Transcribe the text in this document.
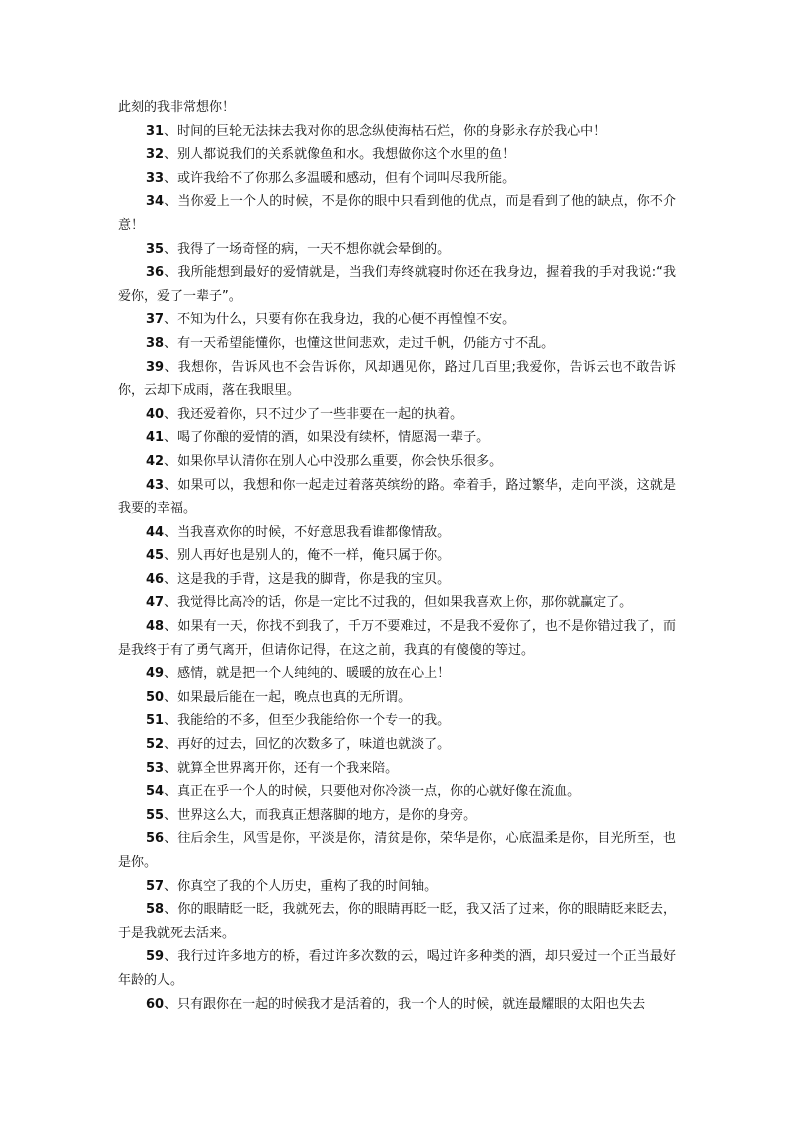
此刻的我非常想你！

31、时间的巨轮无法抹去我对你的思念纵使海枯石烂，你的身影永存於我心中！

32、别人都说我们的关系就像鱼和水。我想做你这个水里的鱼！

33、或许我给不了你那么多温暖和感动，但有个词叫尽我所能。

34、当你爱上一个人的时候，不是你的眼中只看到他的优点，而是看到了他的缺点，你不介意！

35、我得了一场奇怪的病，一天不想你就会晕倒的。

36、我所能想到最好的爱情就是，当我们寿终就寝时你还在我身边，握着我的手对我说:“我爱你，爱了一辈子”。

37、不知为什么，只要有你在我身边，我的心便不再惶惶不安。

38、有一天希望能懂你，也懂这世间悲欢，走过千帆，仍能方寸不乱。

39、我想你，告诉风也不会告诉你，风却遇见你，路过几百里;我爱你，告诉云也不敢告诉你，云却下成雨，落在我眼里。

40、我还爱着你，只不过少了一些非要在一起的执着。

41、喝了你酿的爱情的酒，如果没有续杯，情愿渴一辈子。

42、如果你早认清你在别人心中没那么重要，你会快乐很多。

43、如果可以，我想和你一起走过着落英缤纷的路。牵着手，路过繁华，走向平淡，这就是我要的幸福。

44、当我喜欢你的时候，不好意思我看谁都像情敌。

45、别人再好也是别人的，俺不一样，俺只属于你。

46、这是我的手背，这是我的脚背，你是我的宝贝。

47、我觉得比高冷的话，你是一定比不过我的，但如果我喜欢上你，那你就赢定了。

48、如果有一天，你找不到我了，千万不要难过，不是我不爱你了，也不是你错过我了，而是我终于有了勇气离开，但请你记得，在这之前，我真的有傻傻的等过。

49、感情，就是把一个人纯纯的、暖暖的放在心上！

50、如果最后能在一起，晚点也真的无所谓。

51、我能给的不多，但至少我能给你一个专一的我。

52、再好的过去，回忆的次数多了，味道也就淡了。

53、就算全世界离开你，还有一个我来陪。

54、真正在乎一个人的时候，只要他对你冷淡一点，你的心就好像在流血。

55、世界这么大，而我真正想落脚的地方，是你的身旁。

56、往后余生，风雪是你，平淡是你，清贫是你，荣华是你，心底温柔是你，目光所至，也是你。

57、你真空了我的个人历史，重构了我的时间轴。

58、你的眼睛眨一眨，我就死去，你的眼睛再眨一眨，我又活了过来，你的眼睛眨来眨去，于是我就死去活来。

59、我行过许多地方的桥，看过许多次数的云，喝过许多种类的酒，却只爱过一个正当最好年龄的人。

60、只有跟你在一起的时候我才是活着的，我一个人的时候，就连最耀眼的太阳也失去
